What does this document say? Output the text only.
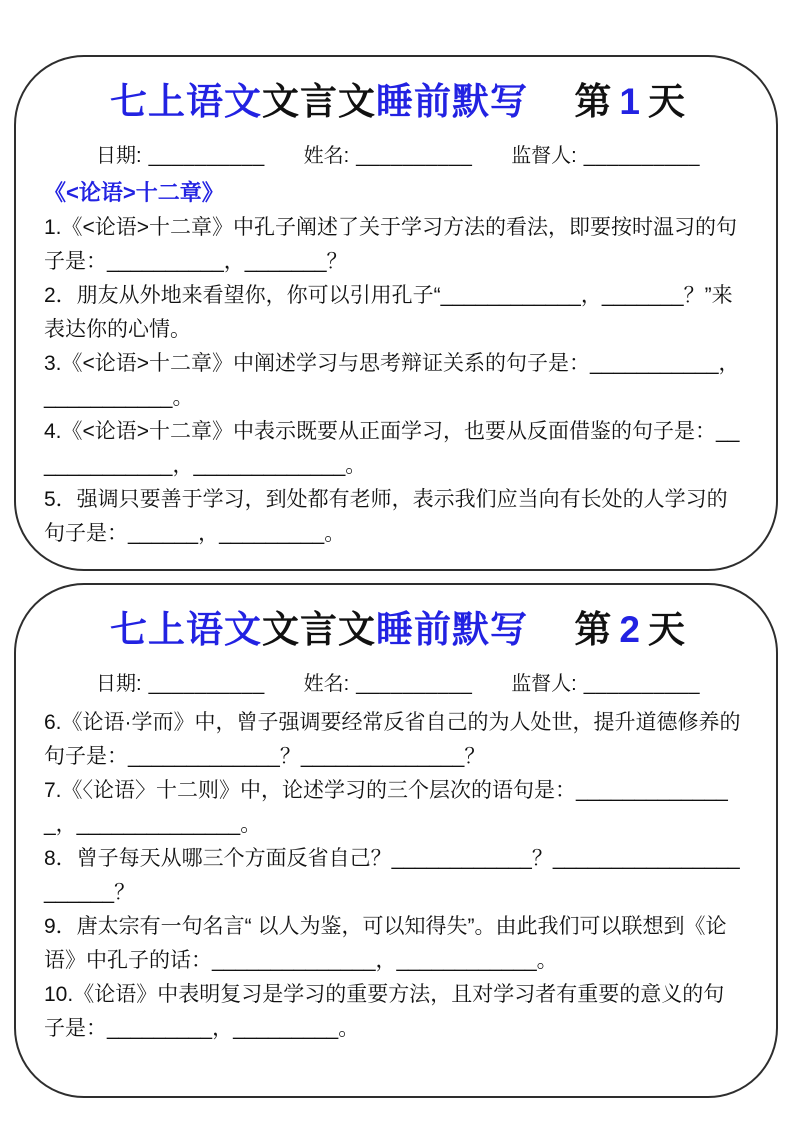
七上语文文言文睡前默写 第 1 天
日期: __________ 姓名: __________ 监督人: __________
《<论语>十二章》

1.《<论语>十二章》中孔子阐述了关于学习方法的看法，即要按时温习的句子是：__________，_______？

2．朋友从外地来看望你，你可以引用孔子“____________，_______？”来表达你的心情。

3.《<论语>十二章》中阐述学习与思考辩证关系的句子是：___________，___________。

4.《<论语>十二章》中表示既要从正面学习，也要从反面借鉴的句子是：_____________，_____________。

5．强调只要善于学习，到处都有老师，表示我们应当向有长处的人学习的句子是：______，_________。

七上语文文言文睡前默写 第 2 天
日期: __________ 姓名: __________ 监督人: __________

6.《论语·学而》中，曾子强调要经常反省自己的为人处世，提升道德修养的句子是：_____________？______________？

7.《〈论语〉十二则》中，论述学习的三个层次的语句是：______________，______________。

8．曾子每天从哪三个方面反省自己？____________？______________________？

9．唐太宗有一句名言“ 以人为鉴，可以知得失”。由此我们可以联想到《论语》中孔子的话：______________，____________。

10.《论语》中表明复习是学习的重要方法，且对学习者有重要的意义的句子是：_________，_________。
